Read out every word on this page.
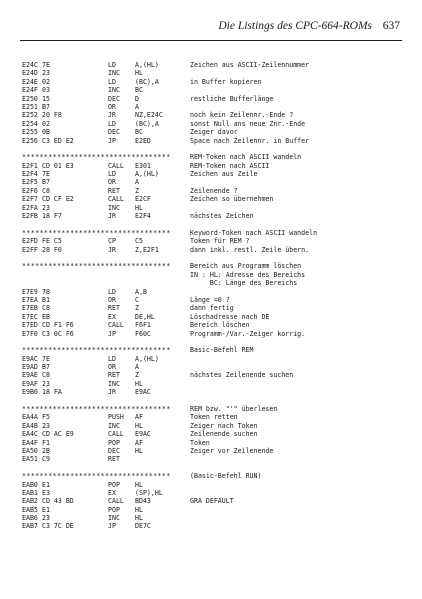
Die Listings des CPC-664-ROMs 637
E24C 7E	LD	A,(HL)	Zeichen aus ASCII-Zeilennummer
E24D 23	INC HL
E24E 02	LD	(BC),A	in Buffer kopieren
E24F 03	INC BC
E250 15	DEC D	restliche Bufferlänge
E251 B7	OR	A
E252 20 F8	JR	NZ,E24C	noch kein Zeilennr.-Ende ?
E254 02	LD	(BC),A	sonst Null ans neue Znr.-Ende
E255 0B	DEC BC	Zeiger davor
E256 C3 ED E2	JP	E2ED	Space nach Zeilennr. in Buffer
**********************************	REM-Token nach ASCII wandeln
E2F1 CD 01 E3	CALL E301	REM-Token nach ASCII
E2F4 7E	LD	A,(HL)	Zeichen aus Zeile
E2F5 B7	OR	A
E2F6 C8	RET Z	Zeilenende ?
E2F7 CD CF E2	CALL E2CF	Zeichen so übernehmen
E2FA 23	INC HL
E2FB 18 F7	JR	E2F4	nächstes Zeichen
**********************************	Keyword-Token nach ASCII wandeln
E2FD FE C5	CP	C5	Token für REM ?
E2FF 28 F0	JR	Z,E2F1	dann inkl. restl. Zeile übern.
**********************************	Bereich aus Programm löschen
IN : HL: Adresse des Bereichs
BC: Länge des Bereichs
E7E9 78	LD	A,B
E7EA B1	OR	C	Länge =0 ?
E7EB C8	RET Z	dann fertig
E7EC EB	EX	DE,HL	Löschadresse nach DE
E7ED CD F1 F6	CALL F6F1	Bereich löschen
E7F0 C3 0C F6	JP	F60C	Programm-/Var.-Zeiger korrig.
**********************************	Basic-Befehl REM
E9AC 7E	LD	A,(HL)
E9AD B7	OR	A
E9AE C8	RET Z	nächstes Zeilenende suchen
E9AF 23	INC HL
E9B0 18 FA	JR	E9AC
**********************************	REM bzw. "'" überlesen
EA4A F5	PUSH AF	Token retten
EA4B 23	INC HL	Zeiger nach Token
EA4C CD AC E9	CALL E9AC	Zeilenende suchen
EA4F F1	POP AF	Token
EA50 2B	DEC HL	Zeiger vor Zeilenende
EA51 C9	RET
**********************************	(Basic-Befehl RUN)
EAB0 E1	POP HL
EAB1 E3	EX	(SP),HL
EAB2 CD 43 BD	CALL BD43	GRA DEFAULT
EAB5 E1	POP HL
EAB6 23	INC HL
EAB7 C3 7C DE	JP	DE7C
